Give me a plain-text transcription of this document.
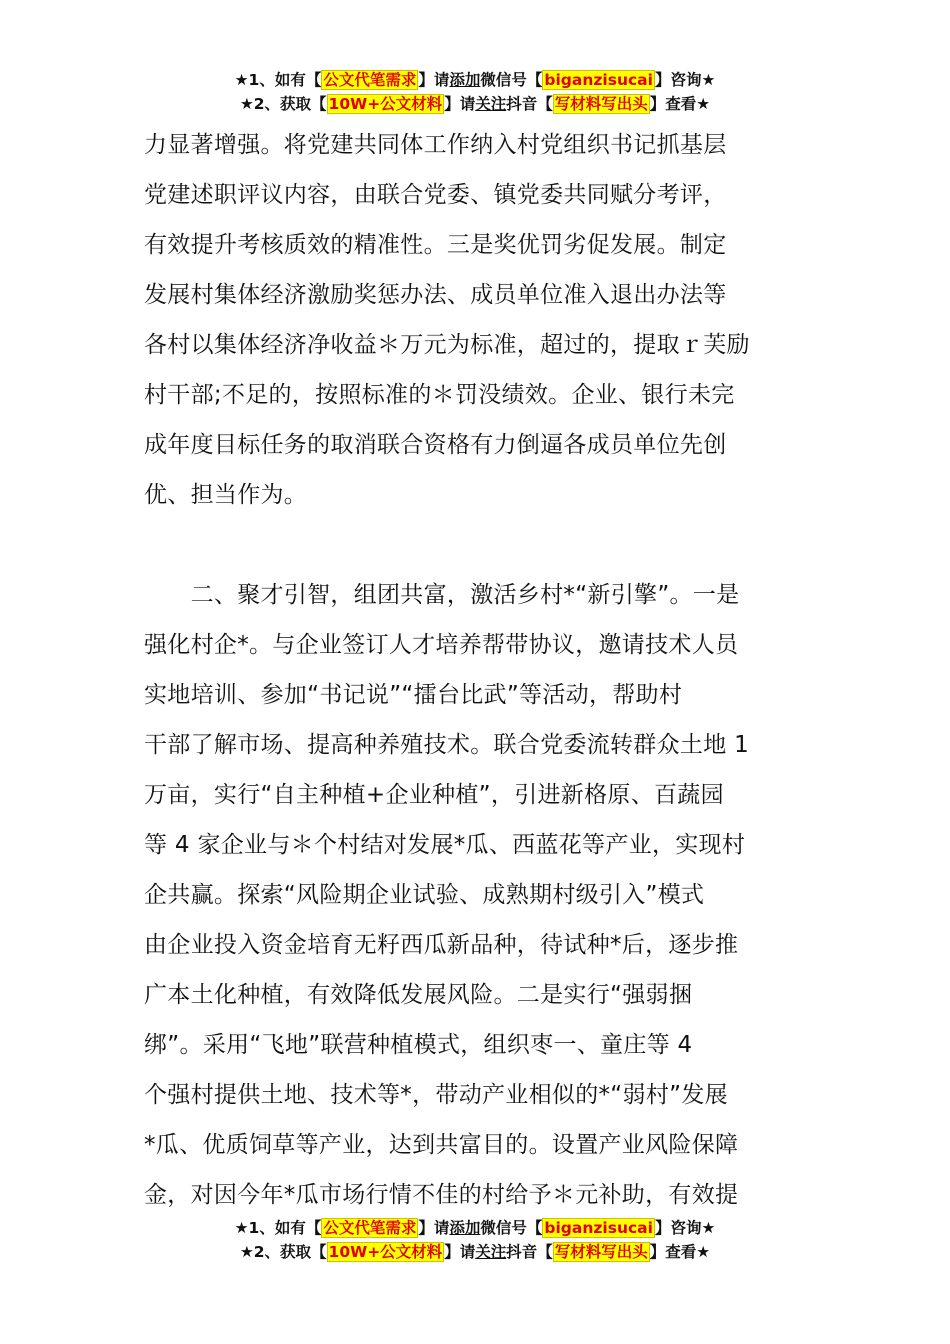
★1、如有【 公文代笔需求 】请添加微信号【 biganzisucai 】咨询★
★2、获取【 10W+公文材料 】请关注抖音【 写材料写出头 】查看★
力显著增强。将党建共同体工作纳入村党组织书记抓基层
党建述职评议内容，由联合党委、镇党委共同赋分考评，
有效提升考核质效的精准性。三是奖优罚劣促发展。制定
发展村集体经济激励奖惩办法、成员单位准入退出办法等
各村以集体经济净收益＊万元为标准，超过的，提取ｒ芙励
村干部;不足的，按照标准的＊罚没绩效。企业、银行未完
成年度目标任务的取消联合资格有力倒逼各成员单位先创
优、担当作为。
　　二、聚才引智，组团共富，激活乡村*“新引擎”。一是
强化村企*。与企业签订人才培养帮带协议，邀请技术人员
实地培训、参加“书记说”“擂台比武”等活动，帮助村
干部了解市场、提高种养殖技术。联合党委流转群众土地 1
万亩，实行“自主种植+企业种植”，引进新格原、百蔬园
等 4 家企业与＊个村结对发展*瓜、西蓝花等产业，实现村
企共赢。探索“风险期企业试验、成熟期村级引入”模式
由企业投入资金培育无籽西瓜新品种，待试种*后，逐步推
广本土化种植，有效降低发展风险。二是实行“强弱捆
绑”。采用“飞地”联营种植模式，组织枣一、童庄等 4
个强村提供土地、技术等*，带动产业相似的*“弱村”发展
*瓜、优质饲草等产业，达到共富目的。设置产业风险保障
金，对因今年*瓜市场行情不佳的村给予＊元补助，有效提
★1、如有【 公文代笔需求 】请添加微信号【 biganzisucai 】咨询★
★2、获取【 10W+公文材料 】请关注抖音【 写材料写出头 】查看★
